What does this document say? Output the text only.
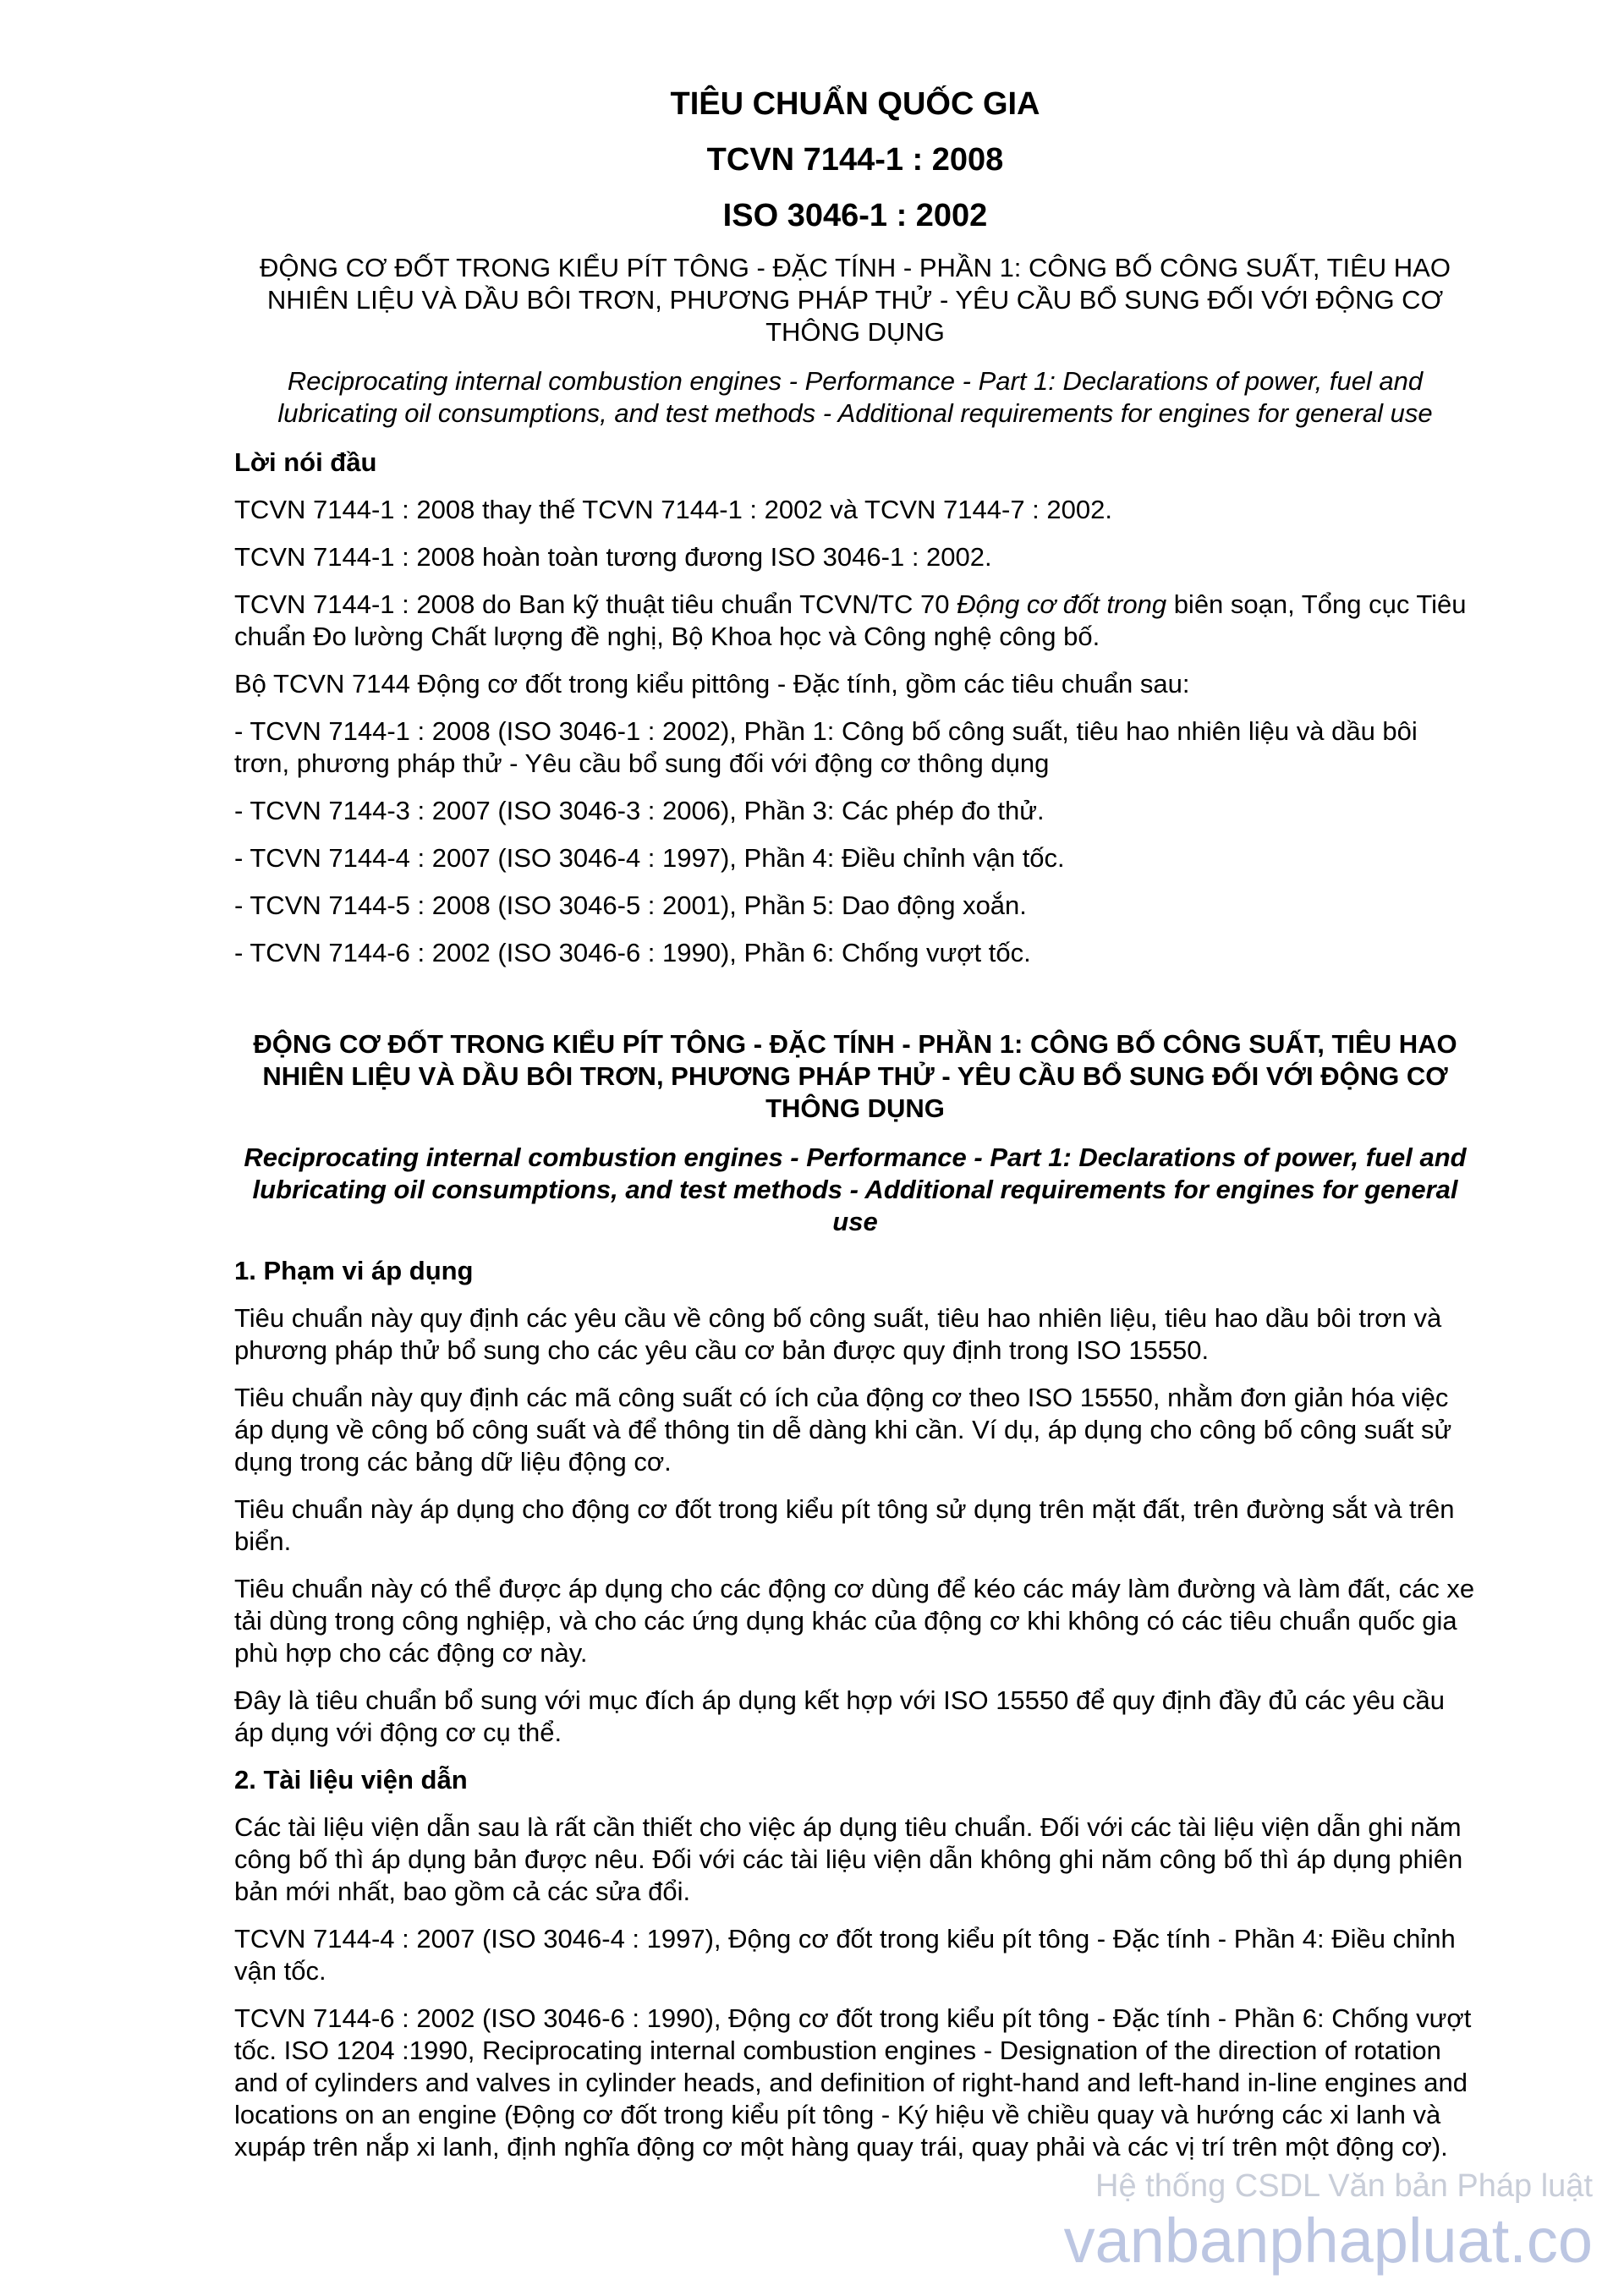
TIÊU CHUẨN QUỐC GIA
TCVN 7144-1 : 2008
ISO 3046-1 : 2002
ĐỘNG CƠ ĐỐT TRONG KIỂU PÍT TÔNG - ĐẶC TÍNH - PHẦN 1: CÔNG BỐ CÔNG SUẤT, TIÊU HAO NHIÊN LIỆU VÀ DẦU BÔI TRƠN, PHƯƠNG PHÁP THỬ - YÊU CẦU BỔ SUNG ĐỐI VỚI ĐỘNG CƠ THÔNG DỤNG
Reciprocating internal combustion engines - Performance - Part 1: Declarations of power, fuel and lubricating oil consumptions, and test methods - Additional requirements for engines for general use
Lời nói đầu
TCVN 7144-1 : 2008 thay thế TCVN 7144-1 : 2002 và TCVN 7144-7 : 2002.
TCVN 7144-1 : 2008 hoàn toàn tương đương ISO 3046-1 : 2002.
TCVN 7144-1 : 2008 do Ban kỹ thuật tiêu chuẩn TCVN/TC 70 Động cơ đốt trong biên soạn, Tổng cục Tiêu chuẩn Đo lường Chất lượng đề nghị, Bộ Khoa học và Công nghệ công bố.
Bộ TCVN 7144 Động cơ đốt trong kiểu pittông - Đặc tính, gồm các tiêu chuẩn sau:
- TCVN 7144-1 : 2008 (ISO 3046-1 : 2002), Phần 1: Công bố công suất, tiêu hao nhiên liệu và dầu bôi trơn, phương pháp thử - Yêu cầu bổ sung đối với động cơ thông dụng
- TCVN 7144-3 : 2007 (ISO 3046-3 : 2006), Phần 3: Các phép đo thử.
- TCVN 7144-4 : 2007 (ISO 3046-4 : 1997), Phần 4: Điều chỉnh vận tốc.
- TCVN 7144-5 : 2008 (ISO 3046-5 : 2001), Phần 5: Dao động xoắn.
- TCVN 7144-6 : 2002 (ISO 3046-6 : 1990), Phần 6: Chống vượt tốc.
ĐỘNG CƠ ĐỐT TRONG KIỂU PÍT TÔNG - ĐẶC TÍNH - PHẦN 1: CÔNG BỐ CÔNG SUẤT, TIÊU HAO NHIÊN LIỆU VÀ DẦU BÔI TRƠN, PHƯƠNG PHÁP THỬ - YÊU CẦU BỔ SUNG ĐỐI VỚI ĐỘNG CƠ THÔNG DỤNG
Reciprocating internal combustion engines - Performance - Part 1: Declarations of power, fuel and lubricating oil consumptions, and test methods - Additional requirements for engines for general use
1. Phạm vi áp dụng
Tiêu chuẩn này quy định các yêu cầu về công bố công suất, tiêu hao nhiên liệu, tiêu hao dầu bôi trơn và phương pháp thử bổ sung cho các yêu cầu cơ bản được quy định trong ISO 15550.
Tiêu chuẩn này quy định các mã công suất có ích của động cơ theo ISO 15550, nhằm đơn giản hóa việc áp dụng về công bố công suất và để thông tin dễ dàng khi cần. Ví dụ, áp dụng cho công bố công suất sử dụng trong các bảng dữ liệu động cơ.
Tiêu chuẩn này áp dụng cho động cơ đốt trong kiểu pít tông sử dụng trên mặt đất, trên đường sắt và trên biển.
Tiêu chuẩn này có thể được áp dụng cho các động cơ dùng để kéo các máy làm đường và làm đất, các xe tải dùng trong công nghiệp, và cho các ứng dụng khác của động cơ khi không có các tiêu chuẩn quốc gia phù hợp cho các động cơ này.
Đây là tiêu chuẩn bổ sung với mục đích áp dụng kết hợp với ISO 15550 để quy định đầy đủ các yêu cầu áp dụng với động cơ cụ thể.
2. Tài liệu viện dẫn
Các tài liệu viện dẫn sau là rất cần thiết cho việc áp dụng tiêu chuẩn. Đối với các tài liệu viện dẫn ghi năm công bố thì áp dụng bản được nêu. Đối với các tài liệu viện dẫn không ghi năm công bố thì áp dụng phiên bản mới nhất, bao gồm cả các sửa đổi.
TCVN 7144-4 : 2007 (ISO 3046-4 : 1997), Động cơ đốt trong kiểu pít tông - Đặc tính - Phần 4: Điều chỉnh vận tốc.
TCVN 7144-6 : 2002 (ISO 3046-6 : 1990), Động cơ đốt trong kiểu pít tông - Đặc tính - Phần 6: Chống vượt tốc. ISO 1204 :1990, Reciprocating internal combustion engines - Designation of the direction of rotation and of cylinders and valves in cylinder heads, and definition of right-hand and left-hand in-line engines and locations on an engine (Động cơ đốt trong kiểu pít tông - Ký hiệu về chiều quay và hướng các xi lanh và xupáp trên nắp xi lanh, định nghĩa động cơ một hàng quay trái, quay phải và các vị trí trên một động cơ).
Hệ thống CSDL Văn bản Pháp luật
vanbanphapluat.co
